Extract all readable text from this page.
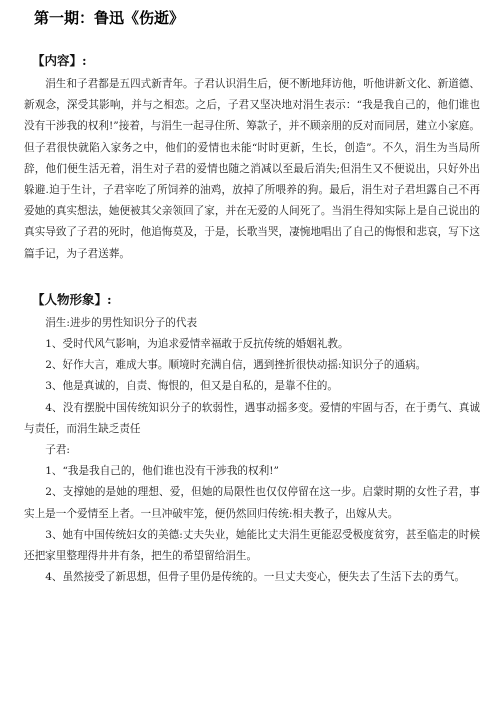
第一期：鲁迅《伤逝》
【内容】:

涓生和子君都是五四式新青年。子君认识涓生后，便不断地拜访他，听他讲新文化、新道德、新观念，深受其影响，并与之相恋。之后，子君又坚决地对涓生表示：“我是我自己的，他们谁也没有干涉我的权利!”接着，与涓生一起寻住所、筹款子，并不顾亲朋的反对而同居，建立小家庭。但子君很快就陷入家务之中，他们的爱情也未能“时时更新，生长，创造”。不久，涓生为当局所辞，他们便生活无着，涓生对子君的爱情也随之消减以至最后消失;但涓生又不便说出，只好外出躲避.迫于生计，子君宰吃了所饲养的油鸡，放掉了所喂养的狗。最后，涓生对子君坦露自己不再爱她的真实想法，她便被其父亲领回了家，并在无爱的人间死了。当涓生得知实际上是自己说出的真实导致了子君的死时，他追悔莫及，于是，长歌当哭，凄惋地唱出了自己的悔恨和悲哀，写下这篇手记，为子君送葬。

【人物形象】:

涓生:进步的男性知识分子的代表

1、受时代风气影响，为追求爱情幸福敢于反抗传统的婚姻礼教。

2、好作大言，难成大事。顺境时充满自信，遇到挫折很快动摇:知识分子的通病。

3、他是真诚的，自责、悔恨的，但又是自私的，是靠不住的。

4、没有摆脱中国传统知识分子的软弱性，遇事动摇多变。爱情的牢固与否，在于勇气、真诚与责任，而涓生缺乏责任

子君:

1、“我是我自己的，他们谁也没有干涉我的权利!”

2、支撑她的是她的理想、爱，但她的局限性也仅仅停留在这一步。启蒙时期的女性子君，事实上是一个爱情至上者。一旦冲破牢笼，便仍然回归传统:相夫教子，出嫁从夫。

3、她有中国传统妇女的美德:丈夫失业，她能比丈夫涓生更能忍受极度贫穷，甚至临走的时候还把家里整理得井井有条，把生的希望留给涓生。

4、虽然接受了新思想，但骨子里仍是传统的。一旦丈夫变心，便失去了生活下去的勇气。
